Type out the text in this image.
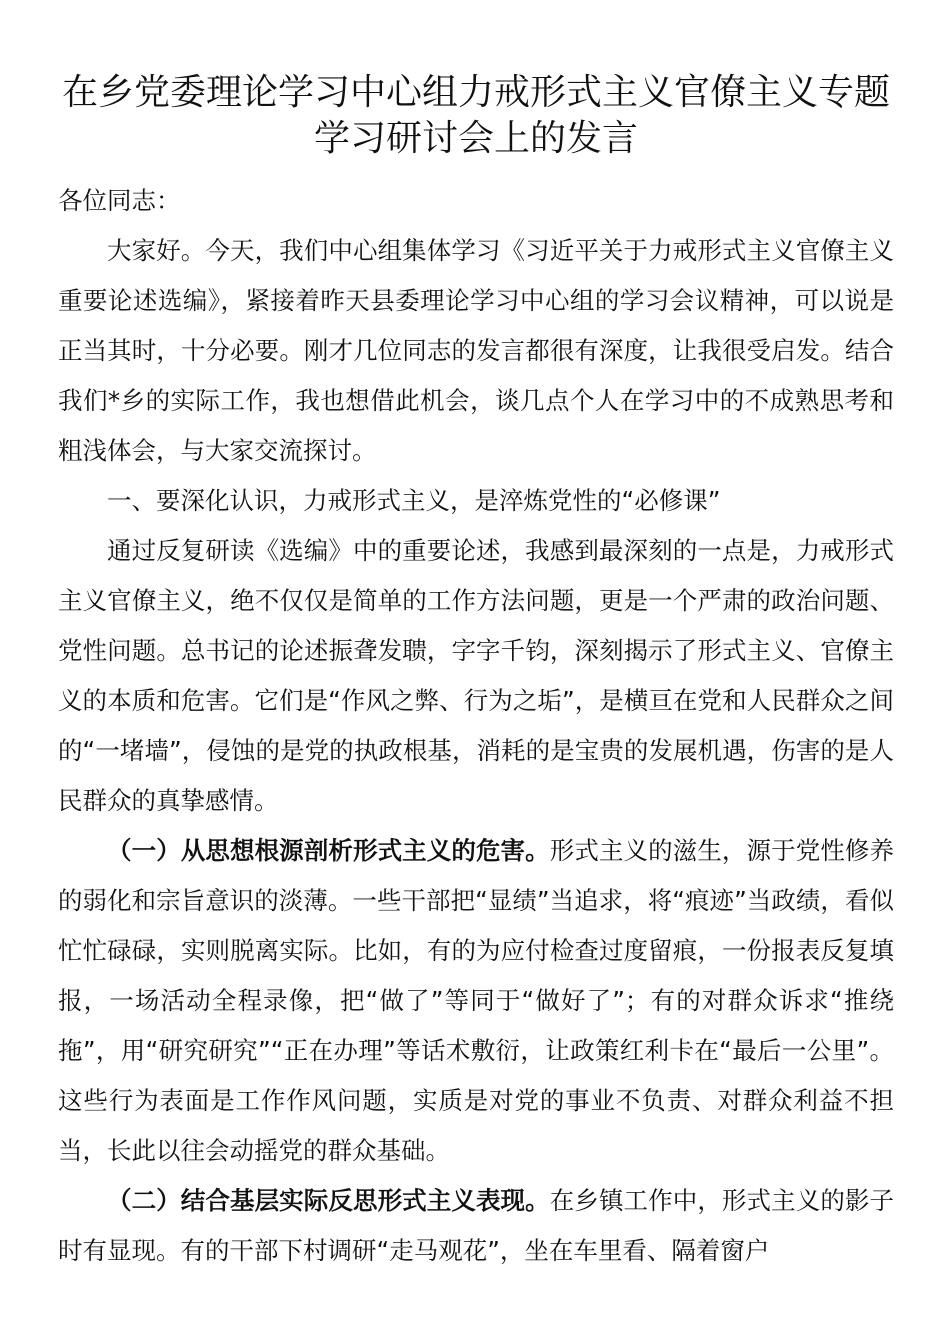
在乡党委理论学习中心组力戒形式主义官僚主义专题
学习研讨会上的发言

各位同志：

大家好。今天，我们中心组集体学习《习近平关于力戒形式主义官僚主义重要论述选编》，紧接着昨天县委理论学习中心组的学习会议精神，可以说是正当其时，十分必要。刚才几位同志的发言都很有深度，让我很受启发。结合我们*乡的实际工作，我也想借此机会，谈几点个人在学习中的不成熟思考和粗浅体会，与大家交流探讨。

一、要深化认识，力戒形式主义，是淬炼党性的“必修课”

通过反复研读《选编》中的重要论述，我感到最深刻的一点是，力戒形式主义官僚主义，绝不仅仅是简单的工作方法问题，更是一个严肃的政治问题、党性问题。总书记的论述振聋发聩，字字千钧，深刻揭示了形式主义、官僚主义的本质和危害。它们是“作风之弊、行为之垢”，是横亘在党和人民群众之间的“一堵墙”，侵蚀的是党的执政根基，消耗的是宝贵的发展机遇，伤害的是人民群众的真挚感情。

（一）从思想根源剖析形式主义的危害。形式主义的滋生，源于党性修养的弱化和宗旨意识的淡薄。一些干部把“显绩”当追求，将“痕迹”当政绩，看似忙忙碌碌，实则脱离实际。比如，有的为应付检查过度留痕，一份报表反复填报，一场活动全程录像，把“做了”等同于“做好了”；有的对群众诉求“推绕拖”，用“研究研究”“正在办理”等话术敷衍，让政策红利卡在“最后一公里”。这些行为表面是工作作风问题，实质是对党的事业不负责、对群众利益不担当，长此以往会动摇党的群众基础。

（二）结合基层实际反思形式主义表现。在乡镇工作中，形式主义的影子时有显现。有的干部下村调研“走马观花”，坐在车里看、隔着窗户
